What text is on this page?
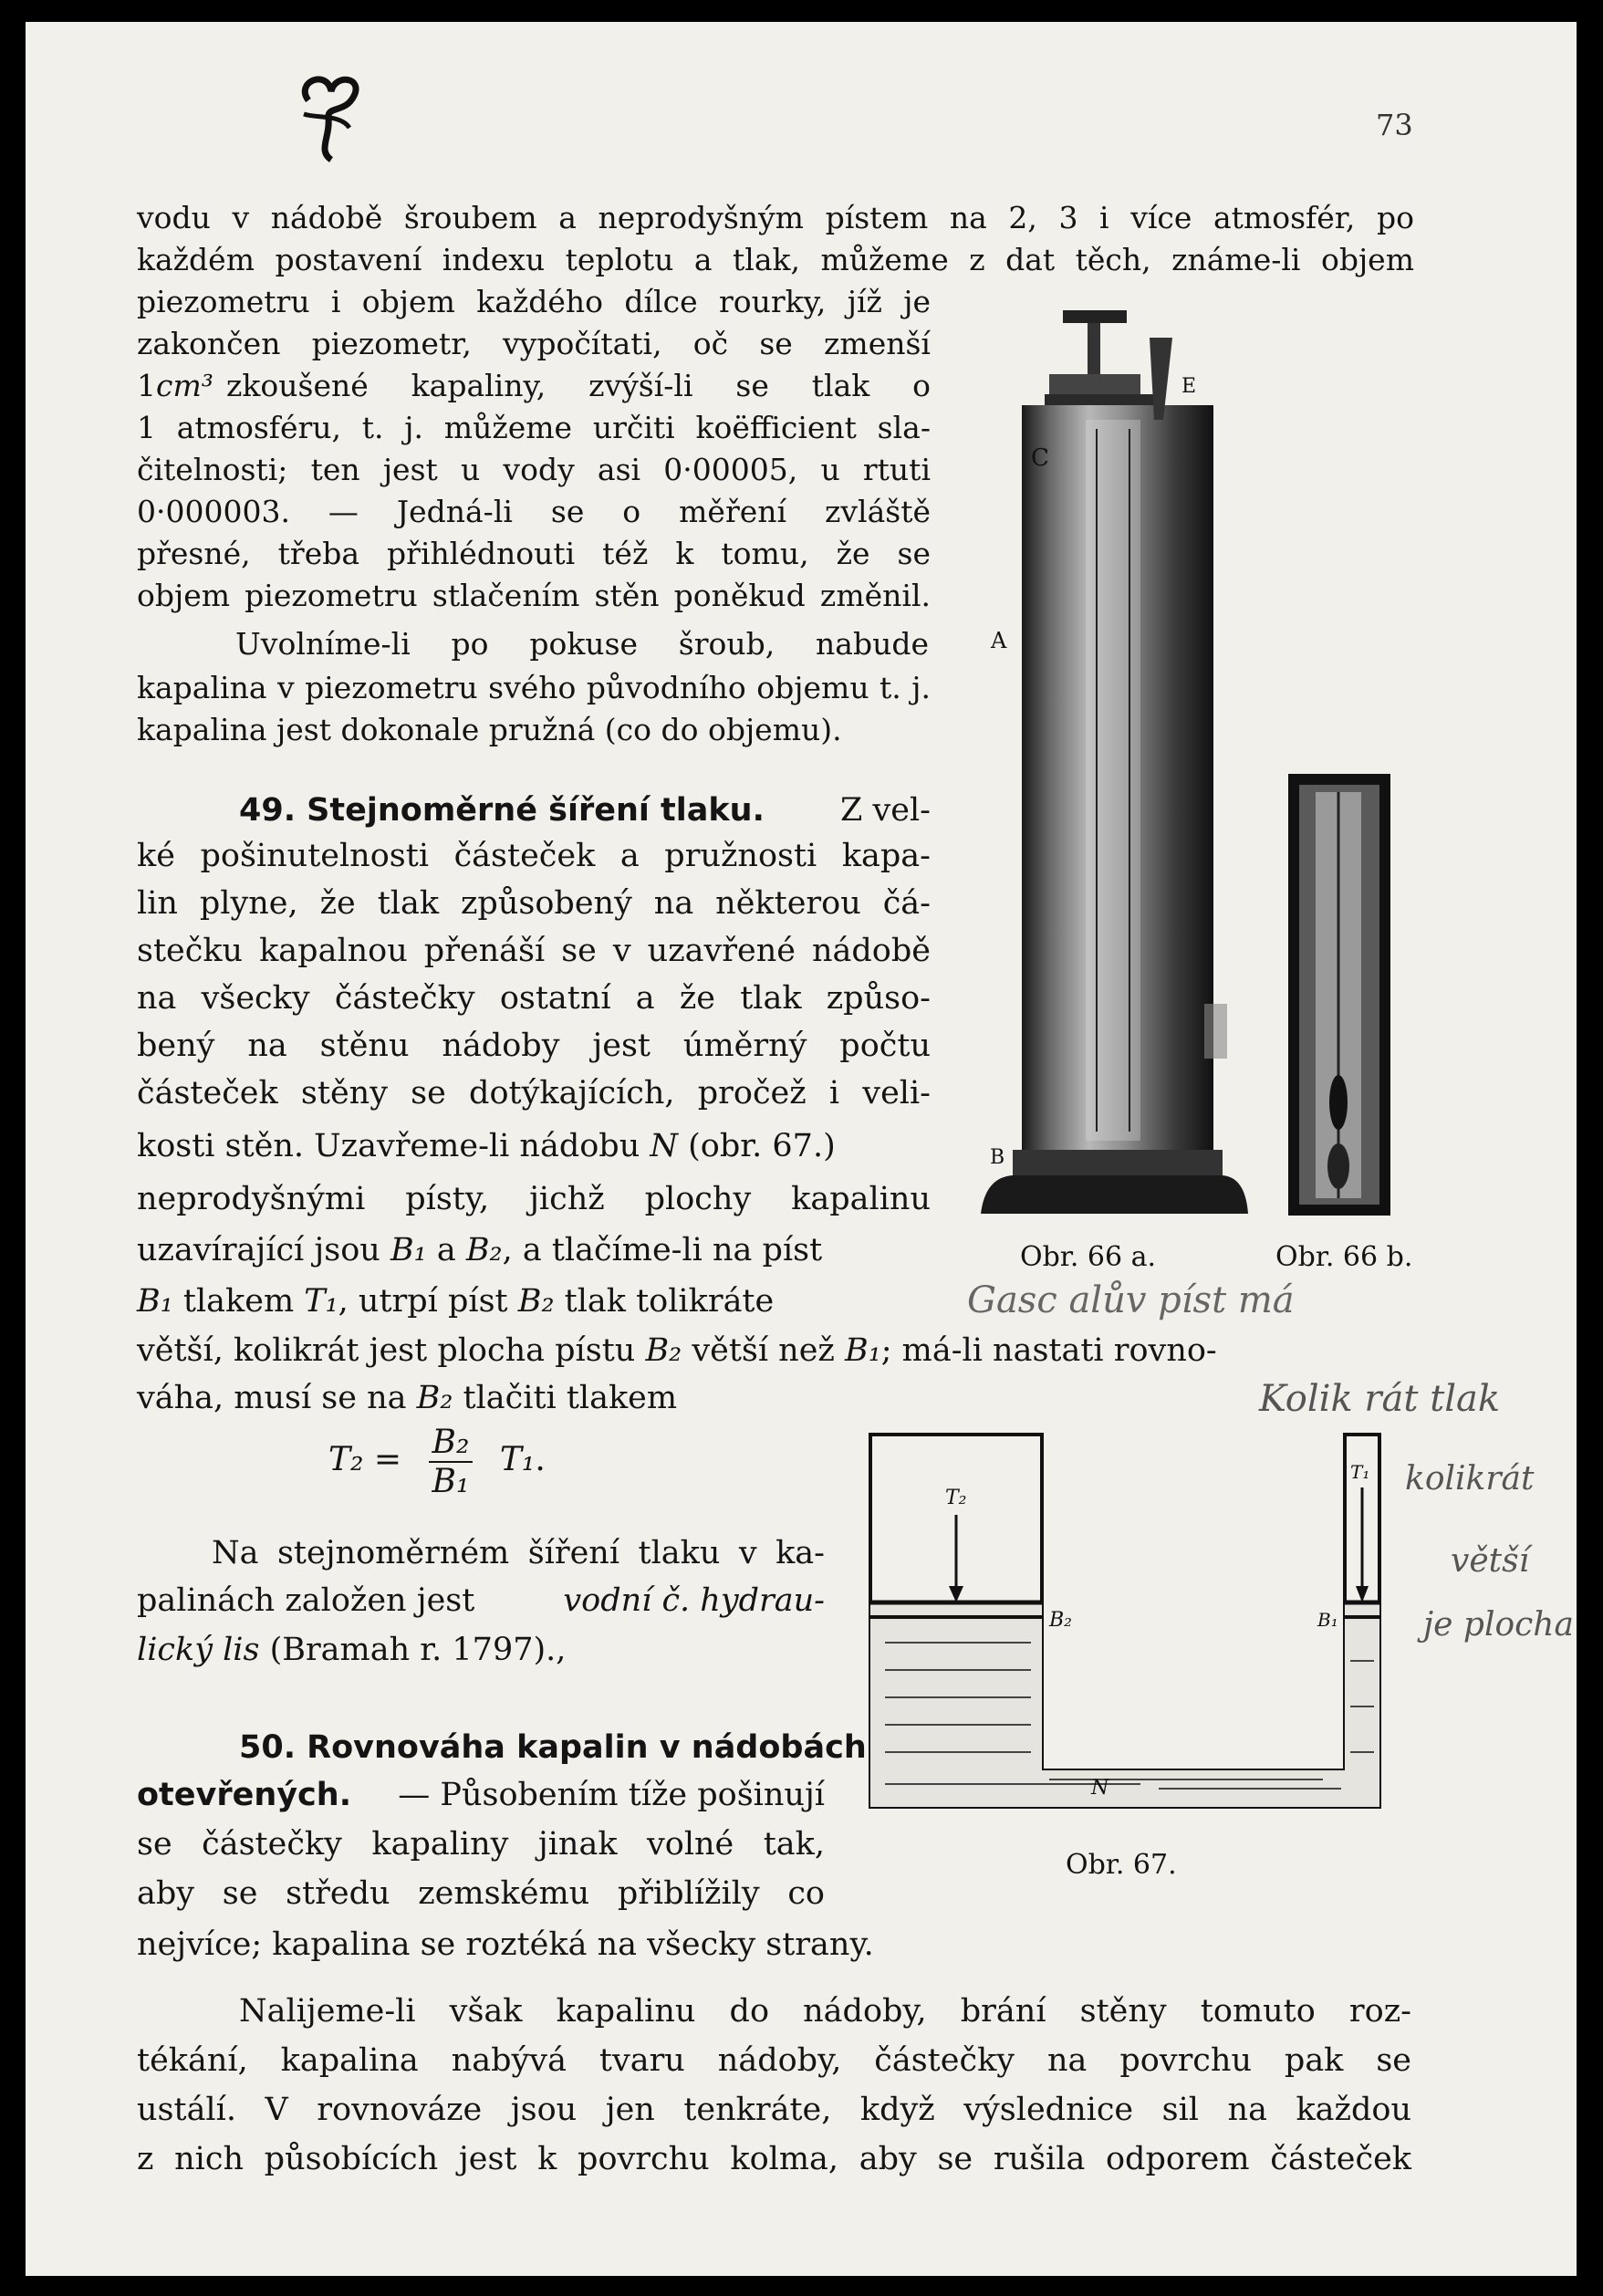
73
vodu v nádobě šroubem a neprodyšným pístem na 2, 3 i více atmosfér, po
každém postavení indexu teplotu a tlak, můžeme z dat těch, známe-li objem
piezometru i objem každého dílce rourky, jíž je
zakončen piezometr, vypočítati, oč se zmenší
1 cm³ zkoušené kapaliny, zvýší-li se tlak o
1 atmosféru, t. j. můžeme určiti koëfficient sla-
čitelnosti; ten jest u vody asi 0·00005, u rtuti
0·000003. — Jedná-li se o měření zvláště
přesné, třeba přihlédnouti též k tomu, že se
objem piezometru stlačením stěn poněkud změnil.
Uvolníme-li po pokuse šroub, nabude
kapalina v piezometru svého původního objemu t. j.
kapalina jest dokonale pružná (co do objemu).
49. Stejnoměrné šíření tlaku. Z vel-
ké pošinutelnosti částeček a pružnosti kapa-
lin plyne, že tlak způsobený na některou čá-
stečku kapalnou přenáší se v uzavřené nádobě
na všecky částečky ostatní a že tlak způso-
bený na stěnu nádoby jest úměrný počtu
částeček stěny se dotýkajících, pročež i veli-
kosti stěn. Uzavřeme-li nádobu N (obr. 67.)
neprodyšnými písty, jichž plochy kapalinu
uzavírající jsou B₁ a B₂, a tlačíme-li na píst
B₁ tlakem T₁, utrpí píst B₂ tlak tolikráte
větší, kolikrát jest plocha pístu B₂ větší než B₁; má-li nastati rovno-
váha, musí se na B₂ tlačiti tlakem
$T_2 = \frac{\text{B₂}}{\text{B₁}} T_1$.
Na stejnoměrném šíření tlaku v ka-
palinách založen jest	vodní č. hydrau-
lický lis (Bramah r. 1797).,
50. Rovnováha kapalin v nádobách
otevřených. — Působením tíže pošinují
se částečky kapaliny jinak volné tak,
aby se středu zemskému přiblížily co
nejvíce; kapalina se roztéká na všecky strany.
Nalijeme-li však kapalinu do nádoby, brání stěny tomuto roz-
tékání, kapalina nabývá tvaru nádoby, částečky na povrchu pak se
ustálí. V rovnováze jsou jen tenkráte, když výslednice sil na každou
z nich působících jest k povrchu kolma, aby se rušila odporem částeček
E
C
A
B
Obr. 66 a.	Obr. 66 b.
T₂
T₁
B₂	B₁
N
Obr. 67.
Gasc alův píst má
Kolik rát tlak
kolikrát
větší
je plocha
